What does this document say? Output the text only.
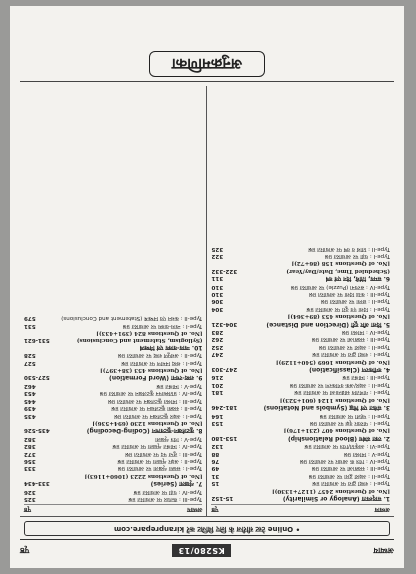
अध्याय
KS280/13
पृष्ठ
• Online टेस्ट सीरीज के लिए विजिट करें kiranprepare.com
अध्याय
पृष्ठ
1. सादृश्यता (Analogy or Similarity)
15-152
[No. of Questions 2457 (1127+1330)]
Type-I : शब्दों द्वारा पर आधारित प्रश्न
15
Type-II : अक्षरों द्वारा पर आधारित प्रश्न
31
Type-III : संख्याओं पर आधारित प्रश्न
49
Type-IV : चित्र के आधार पर आधारित प्रश्न
76
Type-V : मिश्रित प्रश्न
88
Type-VI : आकृति/चित्र पर आधारित प्रश्न
132
2. रक्त संबंध (Blood Relationship)
153-180
[No. of Questions 407 (231+176)]
Type-I : परिवार वृक्ष पर आधारित प्रश्न
153
Type-II : पहेली पर आधारित प्रश्न
164
3. संकेत एवं चिह्न (Symbols and Notations)
181-246
[No. of Questions 1124 (601+523)]
Type-I : गणितीय संक्रियाओं पर आधारित प्रश्न
181
Type-II : अक्षर/अंक वर्गीकरण पर आधारित प्रश्न
201
Type-III : मिश्रित प्रश्न
216
4. वर्गीकरण (Classification)
247-303
[No. of Questions 1669 (540+1129)]
Type-I : शब्दों द्वारा पर आधारित प्रश्न
247
Type-II : अक्षरों पर आधारित प्रश्न
252
Type-III : संख्याओं पर आधारित प्रश्न
262
Type-IV : मिश्रित प्रश्न
283
5. दिशा और दूरी (Direction and Distance)
304-321
[No. of Questions 453 (89+364)]
Type-I : दिशा एवं दूरी पर आधारित प्रश्न
304
Type-II : छाया पर आधारित प्रश्न
306
Type-III : कोड दिशा पर आधारित प्रश्न
310
Type-IV : संरचना (Puzzle) पर आधारित प्रश्न
310
6. समय, तिथि, दिन एवं वर्ष
311
(Scheduled Time, Date/Day/Year)
322-332
[No. of Questions 158 (86+72)]
Type-I : घड़ी पर आधारित प्रश्न
322
Type-II : तिथि व वर्ष पर आधारित प्रश्न
325
अध्याय
पृष्ठ
Type-III : कैलेंडर पर आधारित प्रश्न
325
Type-IV : घड़ी पर आधारित प्रश्न
326
7. शृंखला (Series)
333-434
[No. of Questions 2223 (1060+1163)]
Type-I : संख्या शृंखला पर आधारित प्रश्न
333
Type-II : अक्षर शृंखला पर आधारित प्रश्न
356
Type-III : लुप्त पद पर आधारित प्रश्न
372
Type-IV : मिश्रित शृंखला पर आधारित प्रश्न
382
Type-V : चित्र शृंखला
382
8. कूटलेखन-कूटवाचन (Coding-Decoding)
435-526
[No. of Questions 1230 (694+536)]
Type-I : अक्षर कूटलेखन पर आधारित प्रश्न
435
Type-II : संख्या कूटलेखन पर आधारित प्रश्न
439
Type-III : मिश्रित कूटलेखन पर आधारित प्रश्न
445
Type-IV : प्रतिस्थापन कूटलेखन पर आधारित प्रश्न
453
Type-V : मिश्रित प्रश्न
462
9. शब्द-रचना (Word Formation)
527-530
[No. of Questions 453 (38+397)]
Type-I : शब्द निर्माण पर आधारित प्रश्न
527
Type-II : अर्थपूर्ण शब्द पर आधारित प्रश्न
528
10. न्याय-वाक्य एवं निष्कर्ष
(Syllogism, Statement and Conclusions)
531-621
[No. of Questions 824 (391+433)]
Type-I : न्याय-वाक्य पर आधारित प्रश्न
531
Type-II : कथन एवं निष्कर्ष (Statement and Conclusions)
579
अनुक्रमणिका
